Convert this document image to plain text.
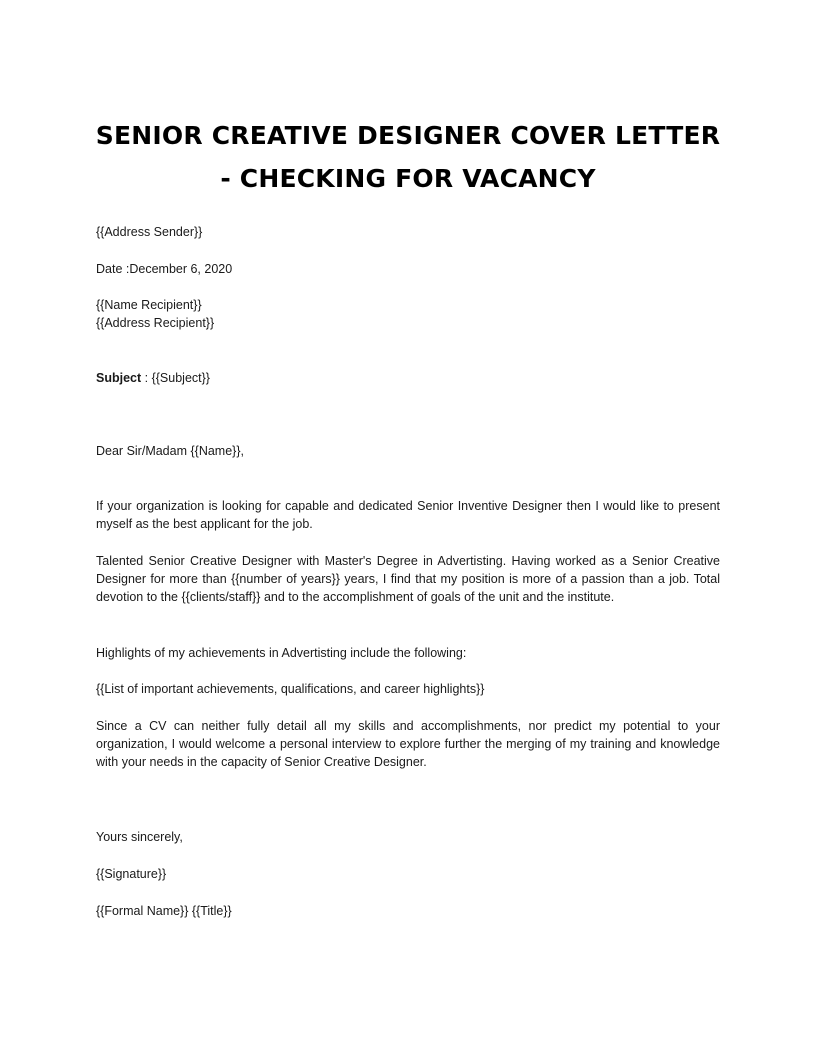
SENIOR CREATIVE DESIGNER COVER LETTER
- CHECKING FOR VACANCY

{{Address Sender}}

Date :December 6, 2020

{{Name Recipient}}

{{Address Recipient}}

Subject : {{Subject}}

Dear Sir/Madam {{Name}},

If your organization is looking for capable and dedicated Senior Inventive Designer then I would like to present myself as the best applicant for the job.

Talented Senior Creative Designer with Master's Degree in Advertisting. Having worked as a Senior Creative Designer for more than {{number of years}} years, I find that my position is more of a passion than a job. Total devotion to the {{clients/staff}} and to the accomplishment of goals of the unit and the institute.

Highlights of my achievements in Advertisting include the following:

{{List of important achievements, qualifications, and career highlights}}

Since a CV can neither fully detail all my skills and accomplishments, nor predict my potential to your organization, I would welcome a personal interview to explore further the merging of my training and knowledge with your needs in the capacity of Senior Creative Designer.

Yours sincerely,

{{Signature}}

{{Formal Name}} {{Title}}
